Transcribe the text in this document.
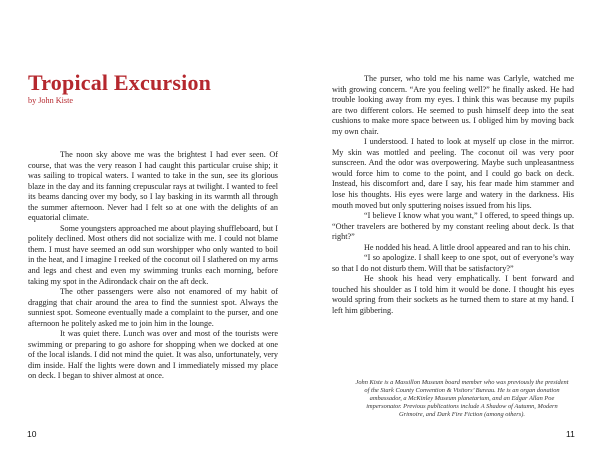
Tropical Excursion

by John Kiste

The noon sky above me was the brightest I had ever seen. Of course, that was the very reason I had caught this particular cruise ship; it was sailing to tropical waters. I wanted to take in the sun, see its glorious blaze in the day and its fanning crepuscular rays at twilight. I wanted to feel its beams dancing over my body, so I lay basking in its warmth all through the summer afternoon. Never had I felt so at one with the delights of an equatorial climate.

Some youngsters approached me about playing shuffleboard, but I politely declined. Most others did not socialize with me. I could not blame them. I must have seemed an odd sun worshipper who only wanted to boil in the heat, and I imagine I reeked of the coconut oil I slathered on my arms and legs and chest and even my swimming trunks each morning, before taking my spot in the Adirondack chair on the aft deck.

The other passengers were also not enamored of my habit of dragging that chair around the area to find the sunniest spot. Always the sunniest spot. Someone eventually made a complaint to the purser, and one afternoon he politely asked me to join him in the lounge.

It was quiet there. Lunch was over and most of the tourists were swimming or preparing to go ashore for shopping when we docked at one of the local islands. I did not mind the quiet. It was also, unfortunately, very dim inside. Half the lights were down and I immediately missed my place on deck. I began to shiver almost at once.

10

The purser, who told me his name was Carlyle, watched me with growing concern. “Are you feeling well?” he finally asked. He had trouble looking away from my eyes. I think this was because my pupils are two different colors. He seemed to push himself deep into the seat cushions to make more space between us. I obliged him by moving back my own chair.

I understood. I hated to look at myself up close in the mirror. My skin was mottled and peeling. The coconut oil was very poor sunscreen. And the odor was overpowering. Maybe such unpleasantness would force him to come to the point, and I could go back on deck. Instead, his discomfort and, dare I say, his fear made him stammer and lose his thoughts. His eyes were large and watery in the darkness. His mouth moved but only sputtering noises issued from his lips.

“I believe I know what you want,” I offered, to speed things up. “Other travelers are bothered by my constant reeling about deck. Is that right?”

He nodded his head. A little drool appeared and ran to his chin.

“I so apologize. I shall keep to one spot, out of everyone’s way so that I do not disturb them. Will that be satisfactory?”

He shook his head very emphatically. I bent forward and touched his shoulder as I told him it would be done. I thought his eyes would spring from their sockets as he turned them to stare at my hand. I left him gibbering.

John Kiste is a Massillon Museum board member who was previously the president of the Stark County Convention & Visitors’ Bureau. He is an organ donation ambassador, a McKinley Museum planetarium, and an Edgar Allan Poe impersonator. Previous publications include A Shadow of Autumn, Modern Grimoire, and Dark Fire Fiction (among others).

11
